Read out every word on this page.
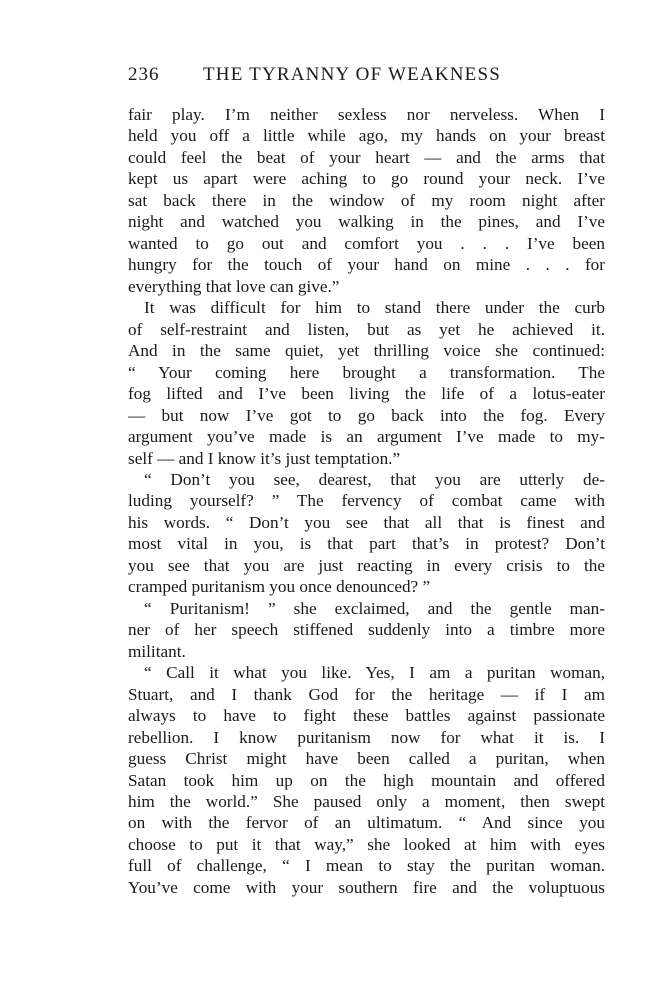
236 THE TYRANNY OF WEAKNESS
fair play. I’m neither sexless nor nerveless. When I
held you off a little while ago, my hands on your breast
could feel the beat of your heart — and the arms that
kept us apart were aching to go round your neck. I’ve
sat back there in the window of my room night after
night and watched you walking in the pines, and I’ve
wanted to go out and comfort you . . . I’ve been
hungry for the touch of your hand on mine . . . for
everything that love can give.”
It was difficult for him to stand there under the curb
of self-restraint and listen, but as yet he achieved it.
And in the same quiet, yet thrilling voice she continued:
“ Your coming here brought a transformation. The
fog lifted and I’ve been living the life of a lotus-eater
— but now I’ve got to go back into the fog. Every
argument you’ve made is an argument I’ve made to my-
self — and I know it’s just temptation.”
“ Don’t you see, dearest, that you are utterly de-
luding yourself? ” The fervency of combat came with
his words. “ Don’t you see that all that is finest and
most vital in you, is that part that’s in protest? Don’t
you see that you are just reacting in every crisis to the
cramped puritanism you once denounced? ”
“ Puritanism! ” she exclaimed, and the gentle man-
ner of her speech stiffened suddenly into a timbre more
militant.
“ Call it what you like. Yes, I am a puritan woman,
Stuart, and I thank God for the heritage — if I am
always to have to fight these battles against passionate
rebellion. I know puritanism now for what it is. I
guess Christ might have been called a puritan, when
Satan took him up on the high mountain and offered
him the world.” She paused only a moment, then swept
on with the fervor of an ultimatum. “ And since you
choose to put it that way,” she looked at him with eyes
full of challenge, “ I mean to stay the puritan woman.
You’ve come with your southern fire and the voluptuous
